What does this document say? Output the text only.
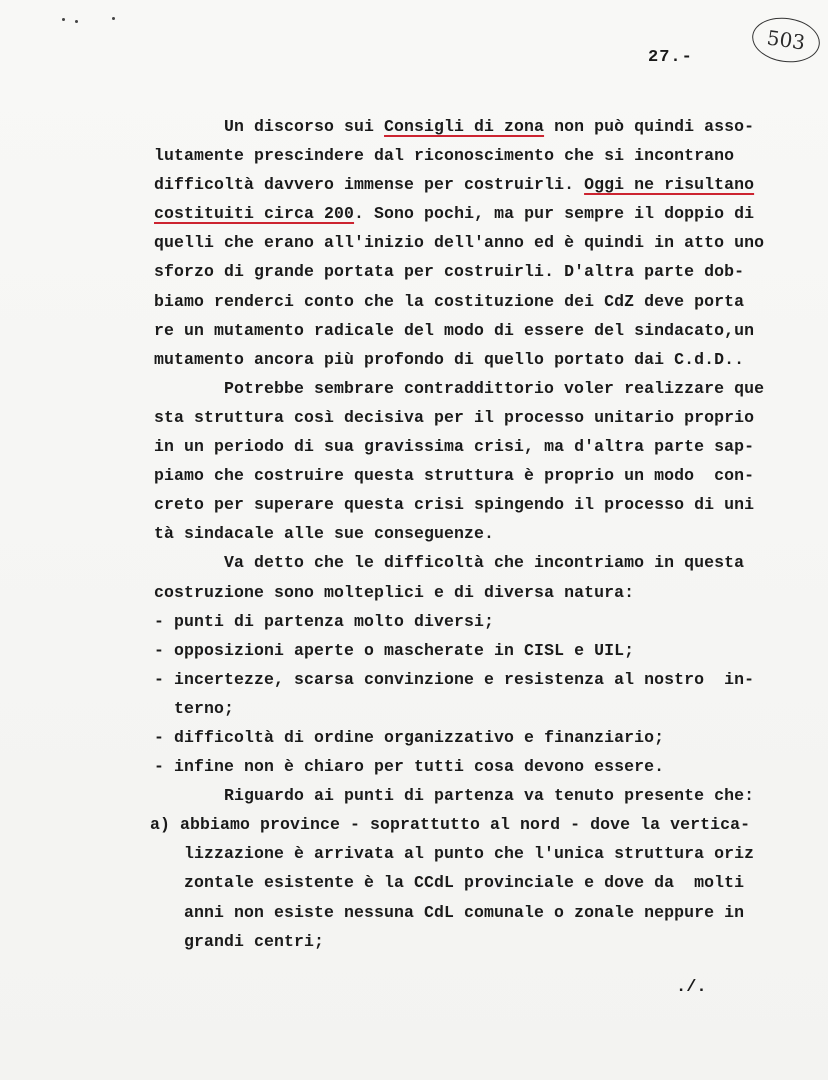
503
27.-
Un discorso sui Consigli di zona non può quindi asso-
lutamente prescindere dal riconoscimento che si incontrano
difficoltà davvero immense per costruirli. Oggi ne risultano
costituiti circa 200. Sono pochi, ma pur sempre il doppio di
quelli che erano all'inizio dell'anno ed è quindi in atto uno
sforzo di grande portata per costruirli. D'altra parte dob-
biamo renderci conto che la costituzione dei CdZ deve porta
re un mutamento radicale del modo di essere del sindacato,un
mutamento ancora più profondo di quello portato dai C.d.D..
Potrebbe sembrare contraddittorio voler realizzare que
sta struttura così decisiva per il processo unitario proprio
in un periodo di sua gravissima crisi, ma d'altra parte sap-
piamo che costruire questa struttura è proprio un modo  con-
creto per superare questa crisi spingendo il processo di uni
tà sindacale alle sue conseguenze.
Va detto che le difficoltà che incontriamo in questa
costruzione sono molteplici e di diversa natura:
- punti di partenza molto diversi;
- opposizioni aperte o mascherate in CISL e UIL;
- incertezze, scarsa convinzione e resistenza al nostro  in-
terno;
- difficoltà di ordine organizzativo e finanziario;
- infine non è chiaro per tutti cosa devono essere.
Riguardo ai punti di partenza va tenuto presente che:
a) abbiamo province - soprattutto al nord - dove la vertica-
lizzazione è arrivata al punto che l'unica struttura oriz
zontale esistente è la CCdL provinciale e dove da  molti
anni non esiste nessuna CdL comunale o zonale neppure in
grandi centri;
./.
